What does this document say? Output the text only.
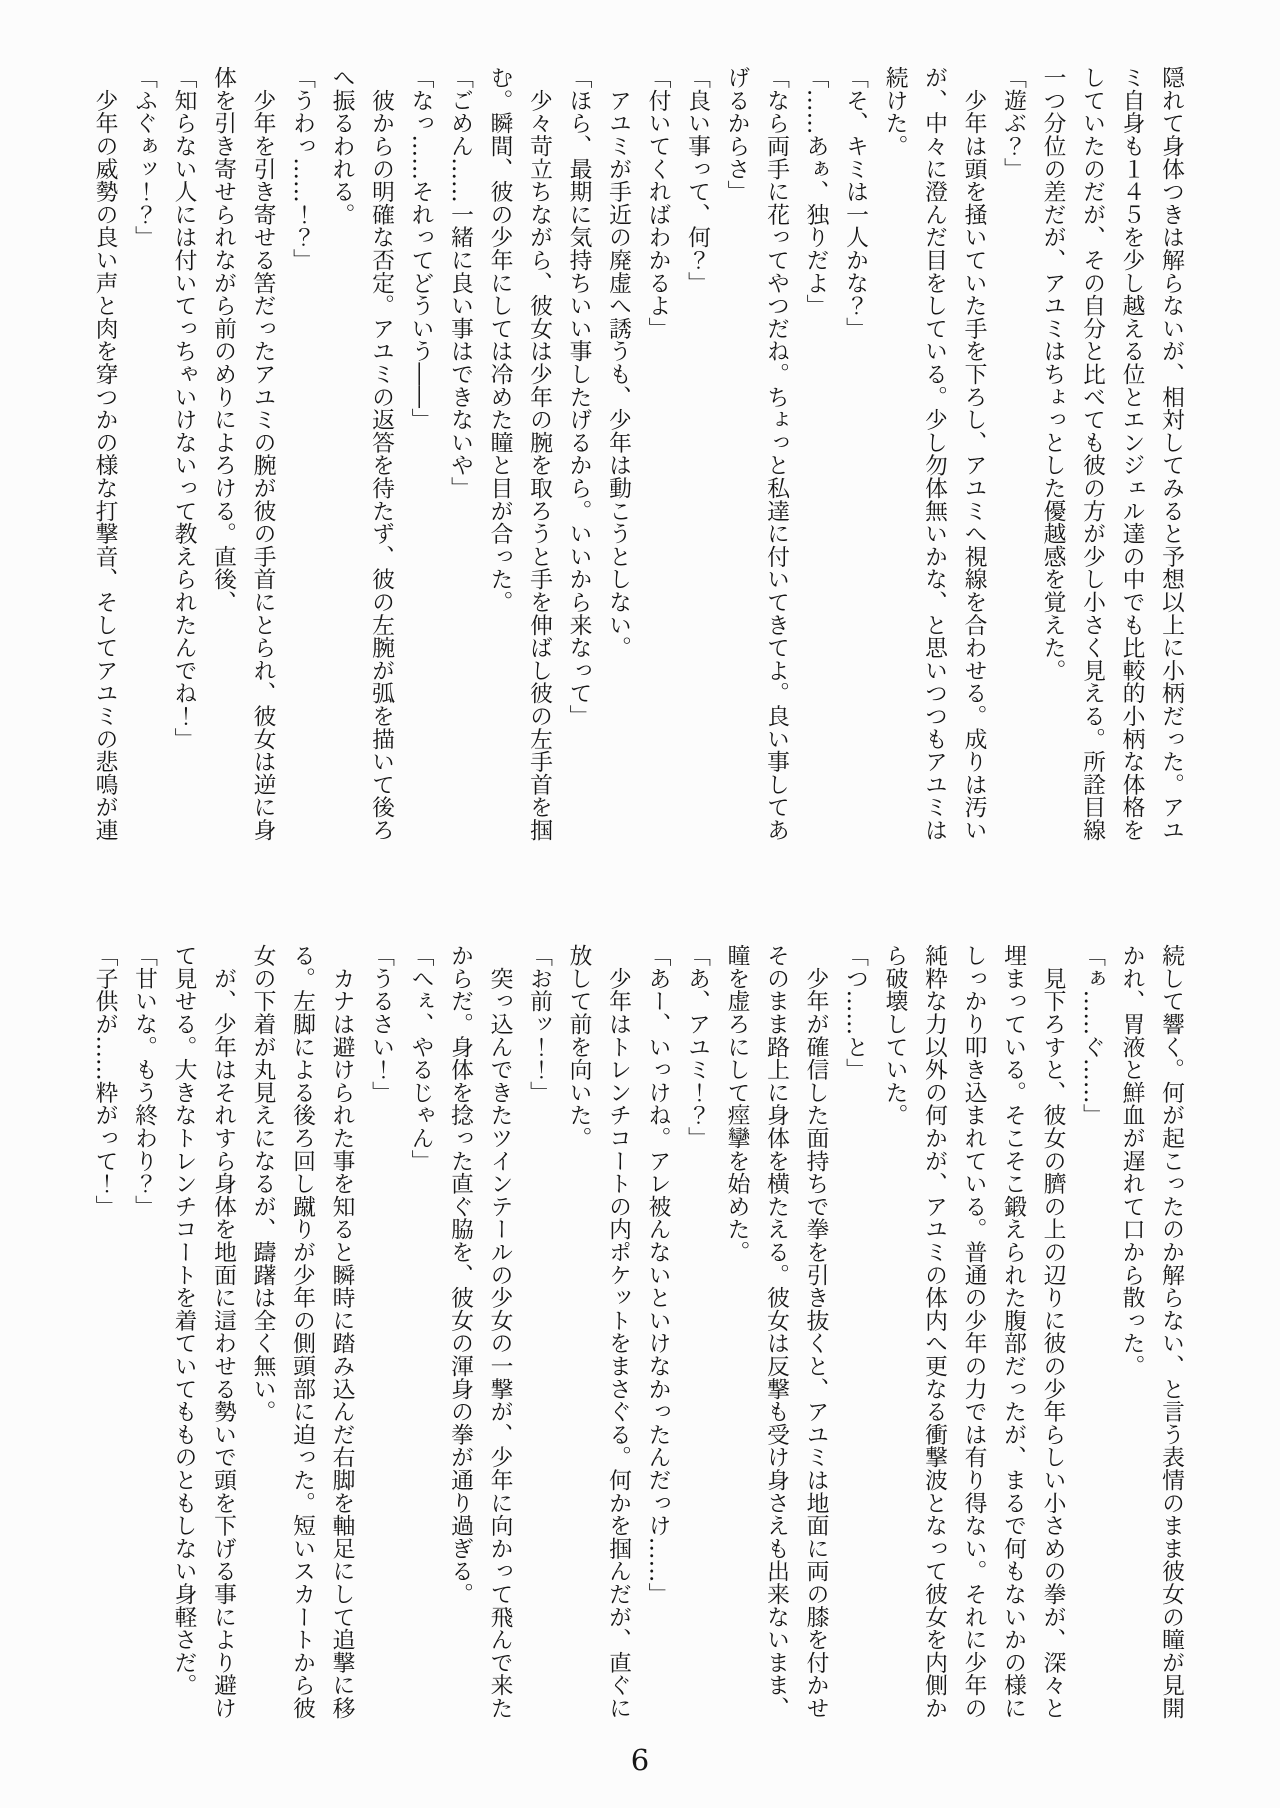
隠れて身体つきは解らないが、相対してみると予想以上に小柄だった。アユ

ミ自身も１４５を少し越える位とエンジェル達の中でも比較的小柄な体格を

していたのだが、その自分と比べても彼の方が少し小さく見える。所詮目線

一つ分位の差だが、アユミはちょっとした優越感を覚えた。

「遊ぶ？」

　少年は頭を掻いていた手を下ろし、アユミへ視線を合わせる。成りは汚い

が、中々に澄んだ目をしている。少し勿体無いかな、と思いつつもアユミは

続けた。

「そ、キミは一人かな？」

「……あぁ、独りだよ」

「なら両手に花ってやつだね。ちょっと私達に付いてきてよ。良い事してあ

げるからさ」

「良い事って、何？」

「付いてくればわかるよ」

　アユミが手近の廃虚へ誘うも、少年は動こうとしない。

「ほら、最期に気持ちいい事したげるから。いいから来なって」

　少々苛立ちながら、彼女は少年の腕を取ろうと手を伸ばし彼の左手首を掴

む。瞬間、彼の少年にしては冷めた瞳と目が合った。

「ごめん……一緒に良い事はできないや」

「なっ……それってどういう――」

　彼からの明確な否定。アユミの返答を待たず、彼の左腕が弧を描いて後ろ

へ振るわれる。

「うわっ……！？」

　少年を引き寄せる筈だったアユミの腕が彼の手首にとられ、彼女は逆に身

体を引き寄せられながら前のめりによろける。直後、

「知らない人には付いてっちゃいけないって教えられたんでね！」

「ふぐぁッ！？」

　少年の威勢の良い声と肉を穿つかの様な打撃音、そしてアユミの悲鳴が連

続して響く。何が起こったのか解らない、と言う表情のまま彼女の瞳が見開

かれ、胃液と鮮血が遅れて口から散った。

「ぁ……ぐ……」

　見下ろすと、彼女の臍の上の辺りに彼の少年らしい小さめの拳が、深々と

埋まっている。そこそこ鍛えられた腹部だったが、まるで何もないかの様に

しっかり叩き込まれている。普通の少年の力では有り得ない。それに少年の

純粋な力以外の何かが、アユミの体内へ更なる衝撃波となって彼女を内側か

ら破壊していた。

「つ……と」

　少年が確信した面持ちで拳を引き抜くと、アユミは地面に両の膝を付かせ

そのまま路上に身体を横たえる。彼女は反撃も受け身さえも出来ないまま、

瞳を虚ろにして痙攣を始めた。

「あ、アユミ！？」

「あー、いっけね。アレ被んないといけなかったんだっけ……」

　少年はトレンチコートの内ポケットをまさぐる。何かを掴んだが、直ぐに

放して前を向いた。

「お前ッ！！」

　突っ込んできたツインテールの少女の一撃が、少年に向かって飛んで来た

からだ。身体を捻った直ぐ脇を、彼女の渾身の拳が通り過ぎる。

「へぇ、やるじゃん」

「うるさい！」

　カナは避けられた事を知ると瞬時に踏み込んだ右脚を軸足にして追撃に移

る。左脚による後ろ回し蹴りが少年の側頭部に迫った。短いスカートから彼

女の下着が丸見えになるが、躊躇は全く無い。

　が、少年はそれすら身体を地面に這わせる勢いで頭を下げる事により避け

て見せる。大きなトレンチコートを着ていてもものともしない身軽さだ。

「甘いな。もう終わり？」

「子供が……粋がって！」

6
